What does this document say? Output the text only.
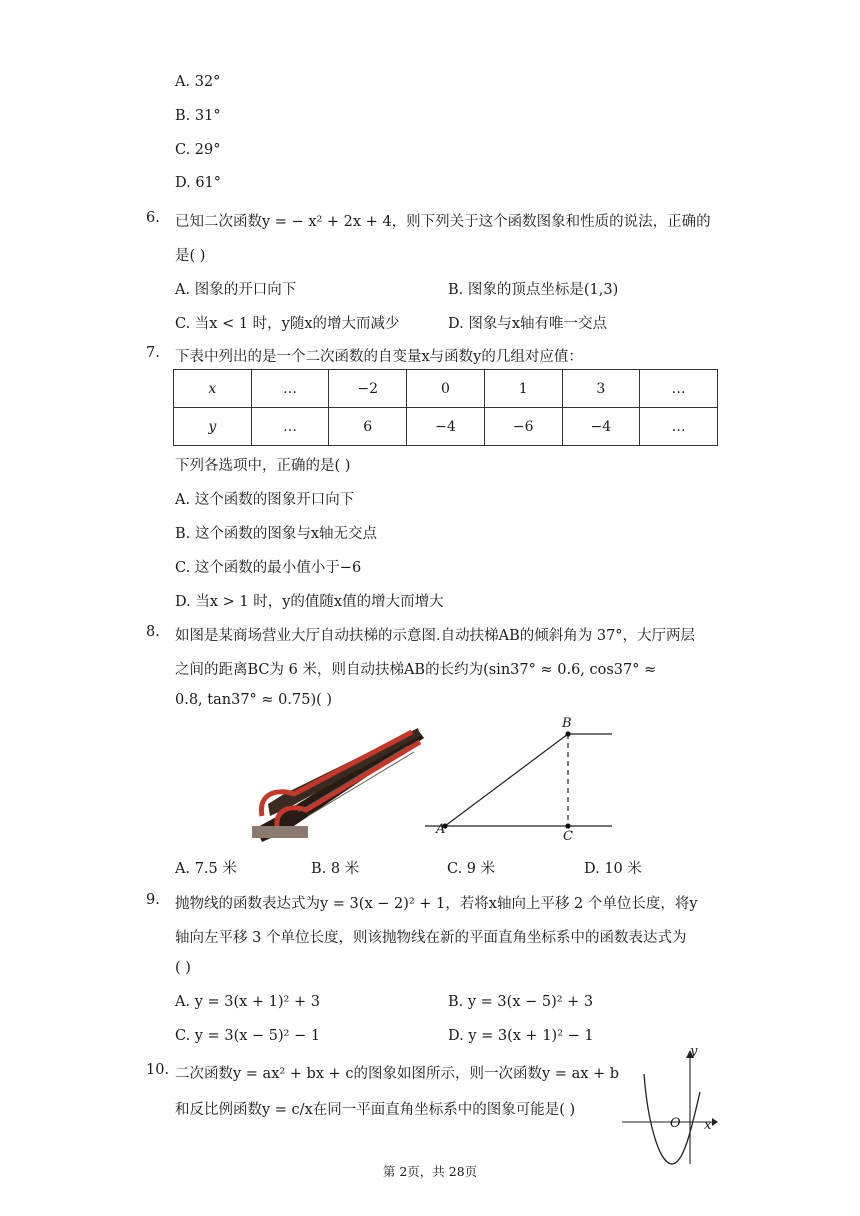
A. 32°
B. 31°
C. 29°
D. 61°
6. 已知二次函数y = − x² + 2x + 4，则下列关于这个函数图象和性质的说法，正确的
是( )
A. 图象的开口向下	B. 图象的顶点坐标是(1,3)
C. 当x < 1 时，y随x的增大而减少	D. 图象与x轴有唯一交点
7. 下表中列出的是一个二次函数的自变量x与函数y的几组对应值：
x	…	−2	0	1	3	…
y	…	6	−4	−6	−4	…
下列各选项中，正确的是( )
A. 这个函数的图象开口向下
B. 这个函数的图象与x轴无交点
C. 这个函数的最小值小于−6
D. 当x > 1 时，y的值随x值的增大而增大
8. 如图是某商场营业大厅自动扶梯的示意图.自动扶梯AB的倾斜角为 37°，大厅两层
之间的距离BC为 6 米，则自动扶梯AB的长约为(sin37° ≈ 0.6, cos37° ≈
0.8, tan37° ≈ 0.75)( )
A
B
C
A. 7.5 米	B. 8 米	C. 9 米	D. 10 米
9. 抛物线的函数表达式为y = 3(x − 2)² + 1，若将x轴向上平移 2 个单位长度，将y
轴向左平移 3 个单位长度，则该抛物线在新的平面直角坐标系中的函数表达式为
( )
A. y = 3(x + 1)² + 3	B. y = 3(x − 5)² + 3
C. y = 3(x − 5)² − 1	D. y = 3(x + 1)² − 1
10. 二次函数y = ax² + bx + c的图象如图所示，则一次函数y = ax + b
和反比例函数y = c/x在同一平面直角坐标系中的图象可能是( )
y
x
O
第 2页，共 28页
